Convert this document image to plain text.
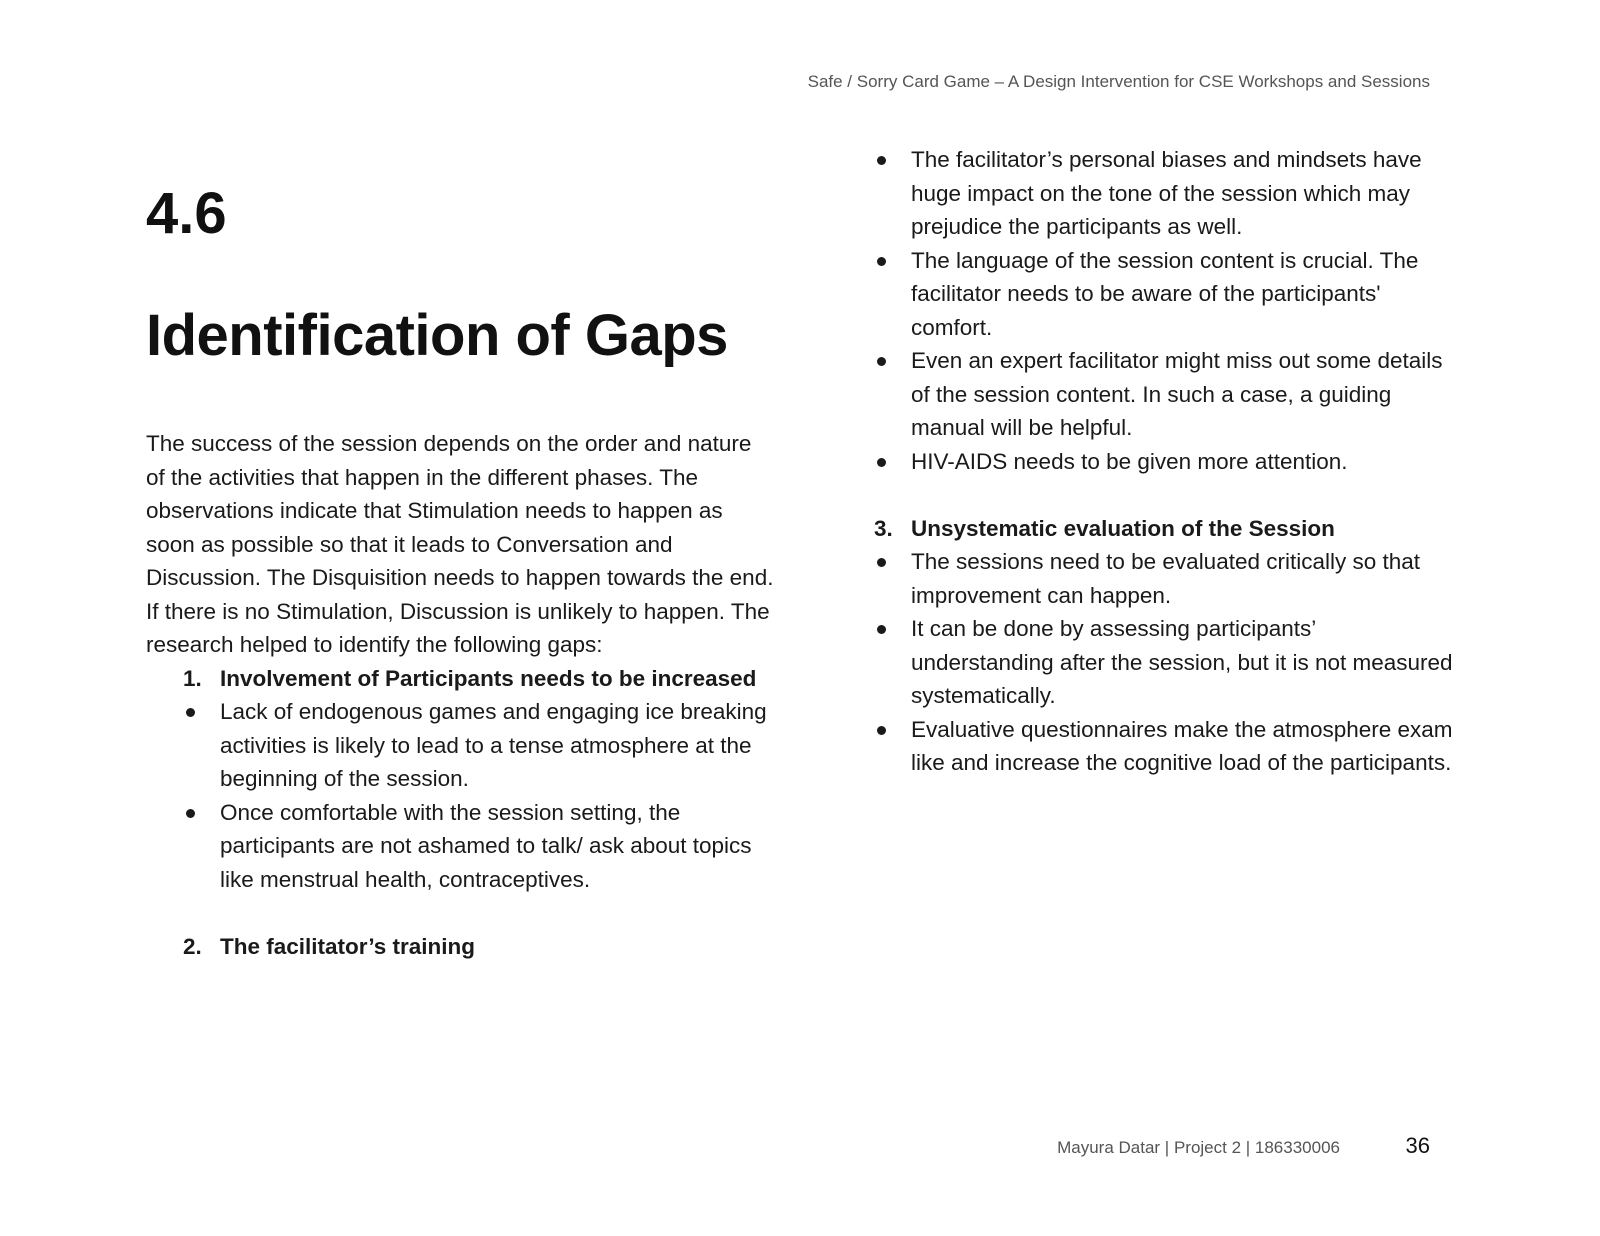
Safe / Sorry Card Game – A Design Intervention for CSE Workshops and Sessions
4.6
Identification of Gaps

The success of the session depends on the order and nature of the activities that happen in the different phases. The observations indicate that Stimulation needs to happen as soon as possible so that it leads to Conversation and Discussion. The Disquisition needs to happen towards the end. If there is no Stimulation, Discussion is unlikely to happen. The research helped to identify the following gaps:

1. Involvement of Participants needs to be increased
Lack of endogenous games and engaging ice breaking activities is likely to lead to a tense atmosphere at the beginning of the session.
Once comfortable with the session setting, the participants are not ashamed to talk/ ask about topics like menstrual health, contraceptives.
2. The facilitator’s training
The facilitator’s personal biases and mindsets have huge impact on the tone of the session which may prejudice the participants as well.
The language of the session content is crucial. The facilitator needs to be aware of the participants' comfort.
Even an expert facilitator might miss out some details of the session content. In such a case, a guiding manual will be helpful.
HIV-AIDS needs to be given more attention.
3. Unsystematic evaluation of the Session
The sessions need to be evaluated critically so that improvement can happen.
It can be done by assessing participants’ understanding after the session, but it is not measured systematically.
Evaluative questionnaires make the atmosphere exam like and increase the cognitive load of the participants.
Mayura Datar | Project 2 | 186330006	36
